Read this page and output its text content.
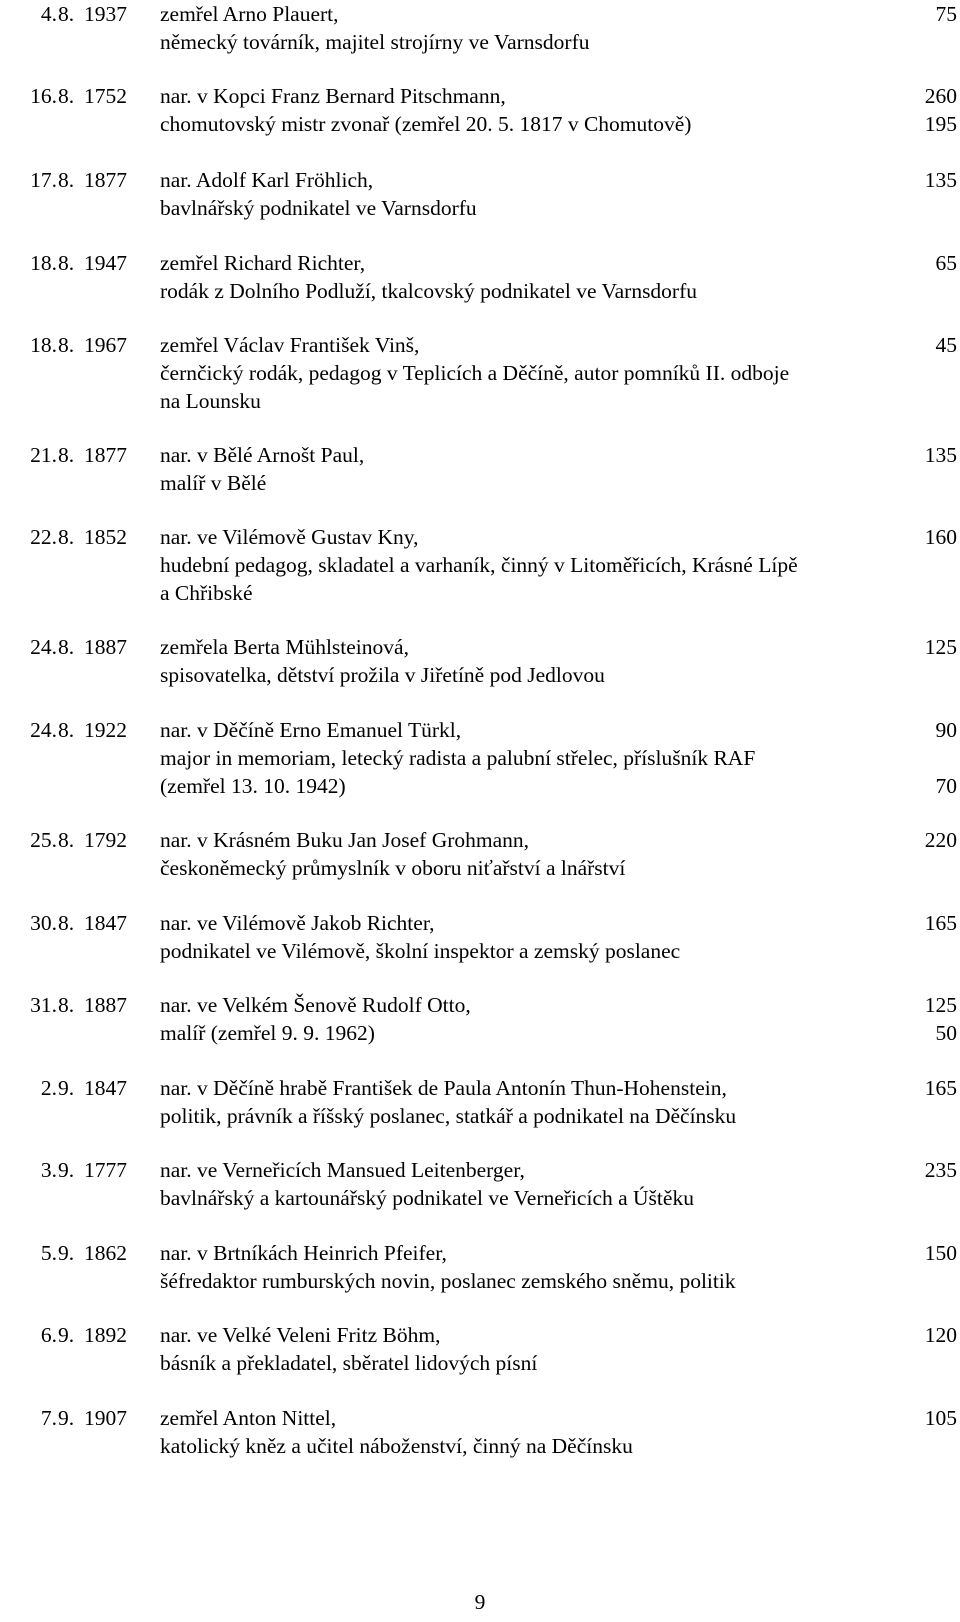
4. 8. 1937 zemřel Arno Plauert,	75
německý továrník, majitel strojírny ve Varnsdorfu
16. 8. 1752 nar. v Kopci Franz Bernard Pitschmann,	260
chomutovský mistr zvonař (zemřel 20. 5. 1817 v Chomutově)	195
17. 8. 1877 nar. Adolf Karl Fröhlich,	135
bavlnářský podnikatel ve Varnsdorfu
18. 8. 1947 zemřel Richard Richter,	65
rodák z Dolního Podluží, tkalcovský podnikatel ve Varnsdorfu
18. 8. 1967 zemřel Václav František Vinš,	45
černčický rodák, pedagog v Teplicích a Děčíně, autor pomníků II. odboje
na Lounsku
21. 8. 1877 nar. v Bělé Arnošt Paul,	135
malíř v Bělé
22. 8. 1852 nar. ve Vilémově Gustav Kny,	160
hudební pedagog, skladatel a varhaník, činný v Litoměřicích, Krásné Lípě
a Chřibské
24. 8. 1887 zemřela Berta Mühlsteinová,	125
spisovatelka, dětství prožila v Jiřetíně pod Jedlovou
24. 8. 1922 nar. v Děčíně Erno Emanuel Türkl,	90
major in memoriam, letecký radista a palubní střelec, příslušník RAF
(zemřel 13. 10. 1942)	70
25. 8. 1792 nar. v Krásném Buku Jan Josef Grohmann,	220
českoněmecký průmyslník v oboru niťařství a lnářství
30. 8. 1847 nar. ve Vilémově Jakob Richter,	165
podnikatel ve Vilémově, školní inspektor a zemský poslanec
31. 8. 1887 nar. ve Velkém Šenově Rudolf Otto,	125
malíř (zemřel 9. 9. 1962)	50
2. 9. 1847 nar. v Děčíně hrabě František de Paula Antonín Thun-Hohenstein,	165
politik, právník a říšský poslanec, statkář a podnikatel na Děčínsku
3. 9. 1777 nar. ve Verneřicích Mansued Leitenberger,	235
bavlnářský a kartounářský podnikatel ve Verneřicích a Úštěku
5. 9. 1862 nar. v Brtníkách Heinrich Pfeifer,	150
šéfredaktor rumburských novin, poslanec zemského sněmu, politik
6. 9. 1892 nar. ve Velké Veleni Fritz Böhm,	120
básník a překladatel, sběratel lidových písní
7. 9. 1907 zemřel Anton Nittel,	105
katolický kněz a učitel náboženství, činný na Děčínsku
9
